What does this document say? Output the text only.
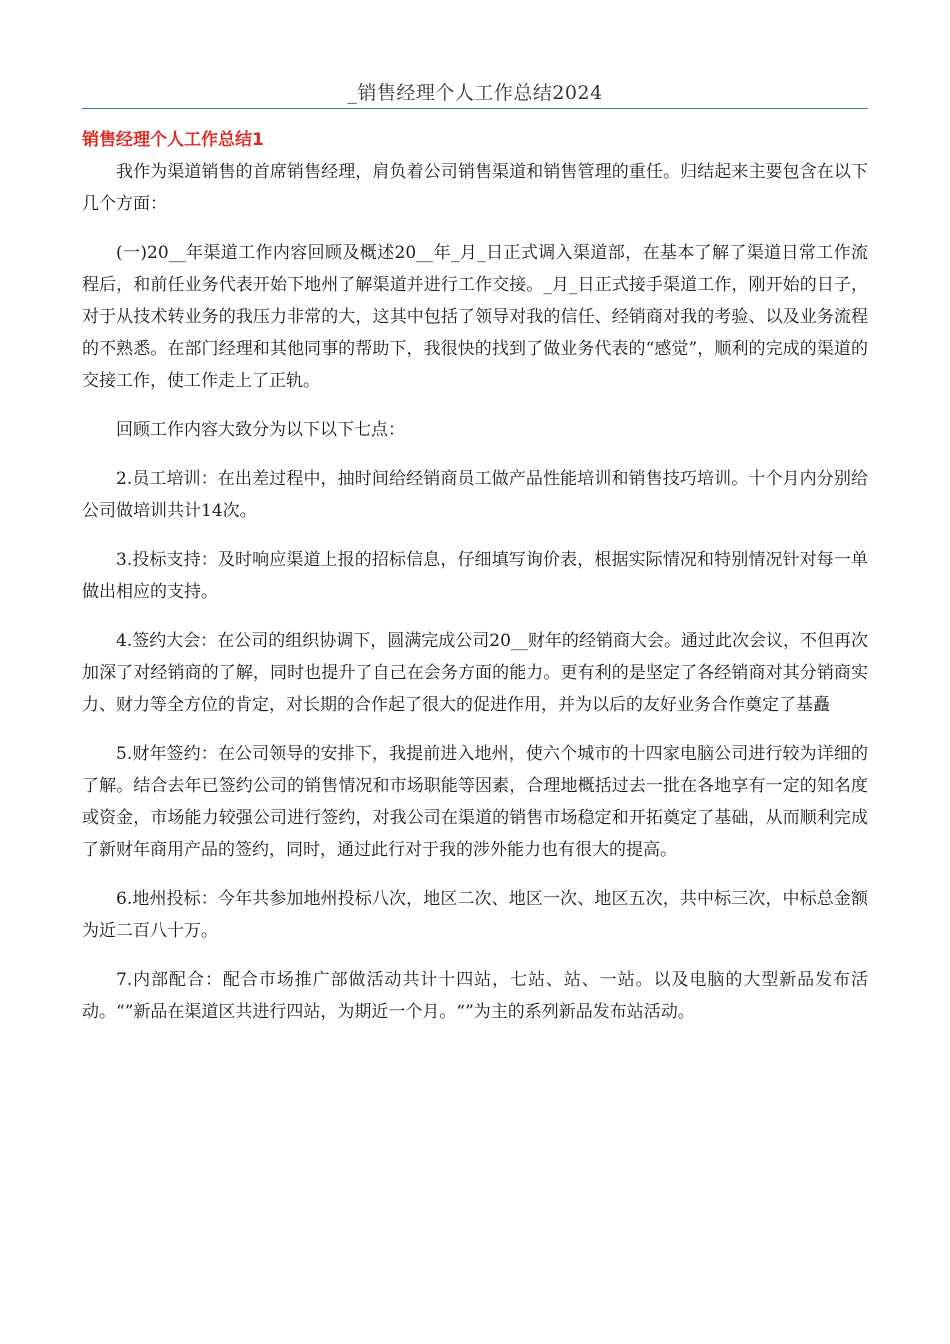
_销售经理个人工作总结2024
销售经理个人工作总结1

我作为渠道销售的首席销售经理，肩负着公司销售渠道和销售管理的重任。归结起来主要包含在以下几个方面：

(一)20__年渠道工作内容回顾及概述20__年_月_日正式调入渠道部，在基本了解了渠道日常工作流程后，和前任业务代表开始下地州了解渠道并进行工作交接。_月_日正式接手渠道工作，刚开始的日子，对于从技术转业务的我压力非常的大，这其中包括了领导对我的信任、经销商对我的考验、以及业务流程的不熟悉。在部门经理和其他同事的帮助下，我很快的找到了做业务代表的“感觉”，顺利的完成的渠道的交接工作，使工作走上了正轨。

回顾工作内容大致分为以下以下七点：

2.员工培训：在出差过程中，抽时间给经销商员工做产品性能培训和销售技巧培训。十个月内分别给公司做培训共计14次。

3.投标支持：及时响应渠道上报的招标信息，仔细填写询价表，根据实际情况和特别情况针对每一单做出相应的支持。

4.签约大会：在公司的组织协调下，圆满完成公司20__财年的经销商大会。通过此次会议，不但再次加深了对经销商的了解，同时也提升了自己在会务方面的能力。更有利的是坚定了各经销商对其分销商实力、财力等全方位的肯定，对长期的合作起了很大的促进作用，并为以后的友好业务合作奠定了基矗

5.财年签约：在公司领导的安排下，我提前进入地州，使六个城市的十四家电脑公司进行较为详细的了解。结合去年已签约公司的销售情况和市场职能等因素，合理地概括过去一批在各地享有一定的知名度或资金，市场能力较强公司进行签约，对我公司在渠道的销售市场稳定和开拓奠定了基础，从而顺利完成了新财年商用产品的签约，同时，通过此行对于我的涉外能力也有很大的提高。

6.地州投标：今年共参加地州投标八次，地区二次、地区一次、地区五次，共中标三次，中标总金额为近二百八十万。

7.内部配合：配合市场推广部做活动共计十四站，七站、站、一站。以及电脑的大型新品发布活动。“”新品在渠道区共进行四站，为期近一个月。“”为主的系列新品发布站活动。
